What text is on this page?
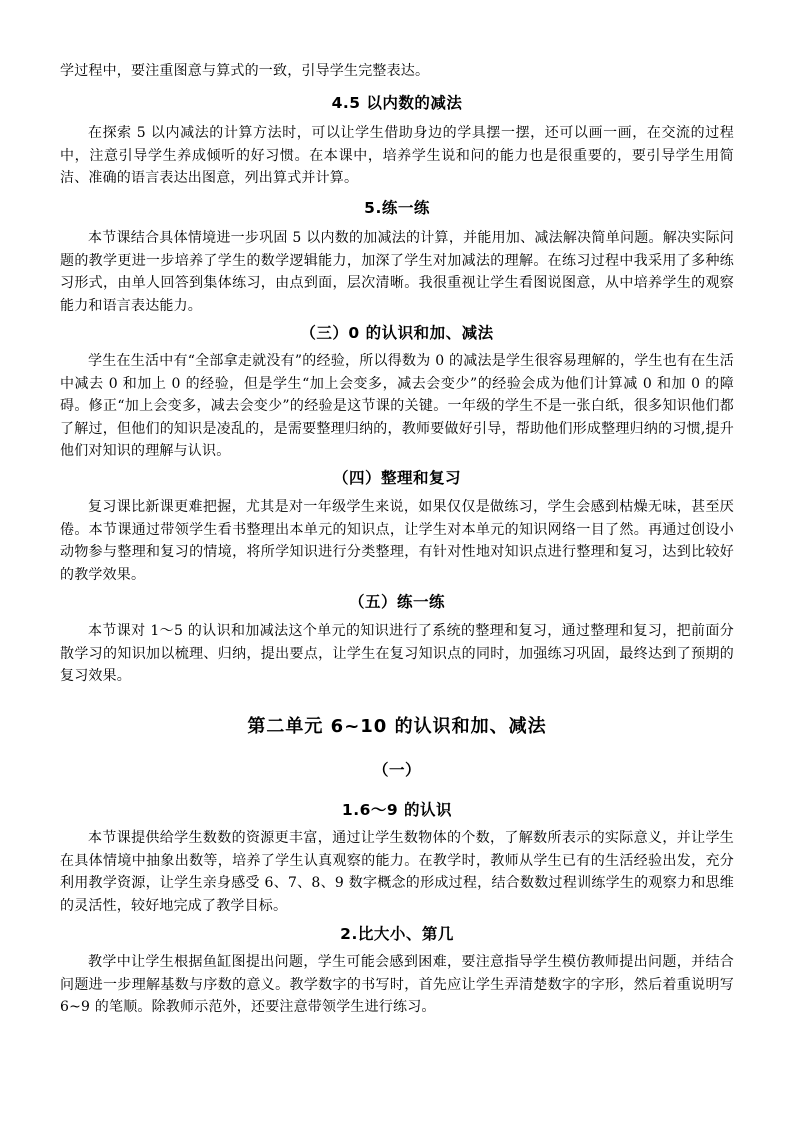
学过程中，要注重图意与算式的一致，引导学生完整表达。

4.5 以内数的减法

在探索 5 以内减法的计算方法时，可以让学生借助身边的学具摆一摆，还可以画一画，在交流的过程中，注意引导学生养成倾听的好习惯。在本课中，培养学生说和问的能力也是很重要的，要引导学生用简洁、准确的语言表达出图意，列出算式并计算。

5.练一练

本节课结合具体情境进一步巩固 5 以内数的加减法的计算，并能用加、减法解决简单问题。解决实际问题的教学更进一步培养了学生的数学逻辑能力，加深了学生对加减法的理解。在练习过程中我采用了多种练习形式，由单人回答到集体练习，由点到面，层次清晰。我很重视让学生看图说图意，从中培养学生的观察能力和语言表达能力。

（三）0 的认识和加、减法

学生在生活中有“全部拿走就没有”的经验，所以得数为 0 的减法是学生很容易理解的，学生也有在生活中减去 0 和加上 0 的经验，但是学生“加上会变多，减去会变少”的经验会成为他们计算减 0 和加 0 的障碍。修正“加上会变多，减去会变少”的经验是这节课的关键。一年级的学生不是一张白纸，很多知识他们都了解过，但他们的知识是凌乱的，是需要整理归纳的，教师要做好引导，帮助他们形成整理归纳的习惯,提升他们对知识的理解与认识。

（四）整理和复习

复习课比新课更难把握，尤其是对一年级学生来说，如果仅仅是做练习，学生会感到枯燥无味，甚至厌倦。本节课通过带领学生看书整理出本单元的知识点，让学生对本单元的知识网络一目了然。再通过创设小动物参与整理和复习的情境，将所学知识进行分类整理，有针对性地对知识点进行整理和复习，达到比较好的教学效果。

（五）练一练

本节课对 1～5 的认识和加减法这个单元的知识进行了系统的整理和复习，通过整理和复习，把前面分散学习的知识加以梳理、归纳，提出要点，让学生在复习知识点的同时，加强练习巩固，最终达到了预期的复习效果。

第二单元 6~10 的认识和加、减法
（一）
1.6～9 的认识

本节课提供给学生数数的资源更丰富，通过让学生数物体的个数，了解数所表示的实际意义，并让学生在具体情境中抽象出数等，培养了学生认真观察的能力。在教学时，教师从学生已有的生活经验出发，充分利用教学资源，让学生亲身感受 6、7、8、9 数字概念的形成过程，结合数数过程训练学生的观察力和思维的灵活性，较好地完成了教学目标。

2.比大小、第几

教学中让学生根据鱼缸图提出问题，学生可能会感到困难，要注意指导学生模仿教师提出问题，并结合问题进一步理解基数与序数的意义。教学数字的书写时，首先应让学生弄清楚数字的字形，然后着重说明写 6~9 的笔顺。除教师示范外，还要注意带领学生进行练习。
